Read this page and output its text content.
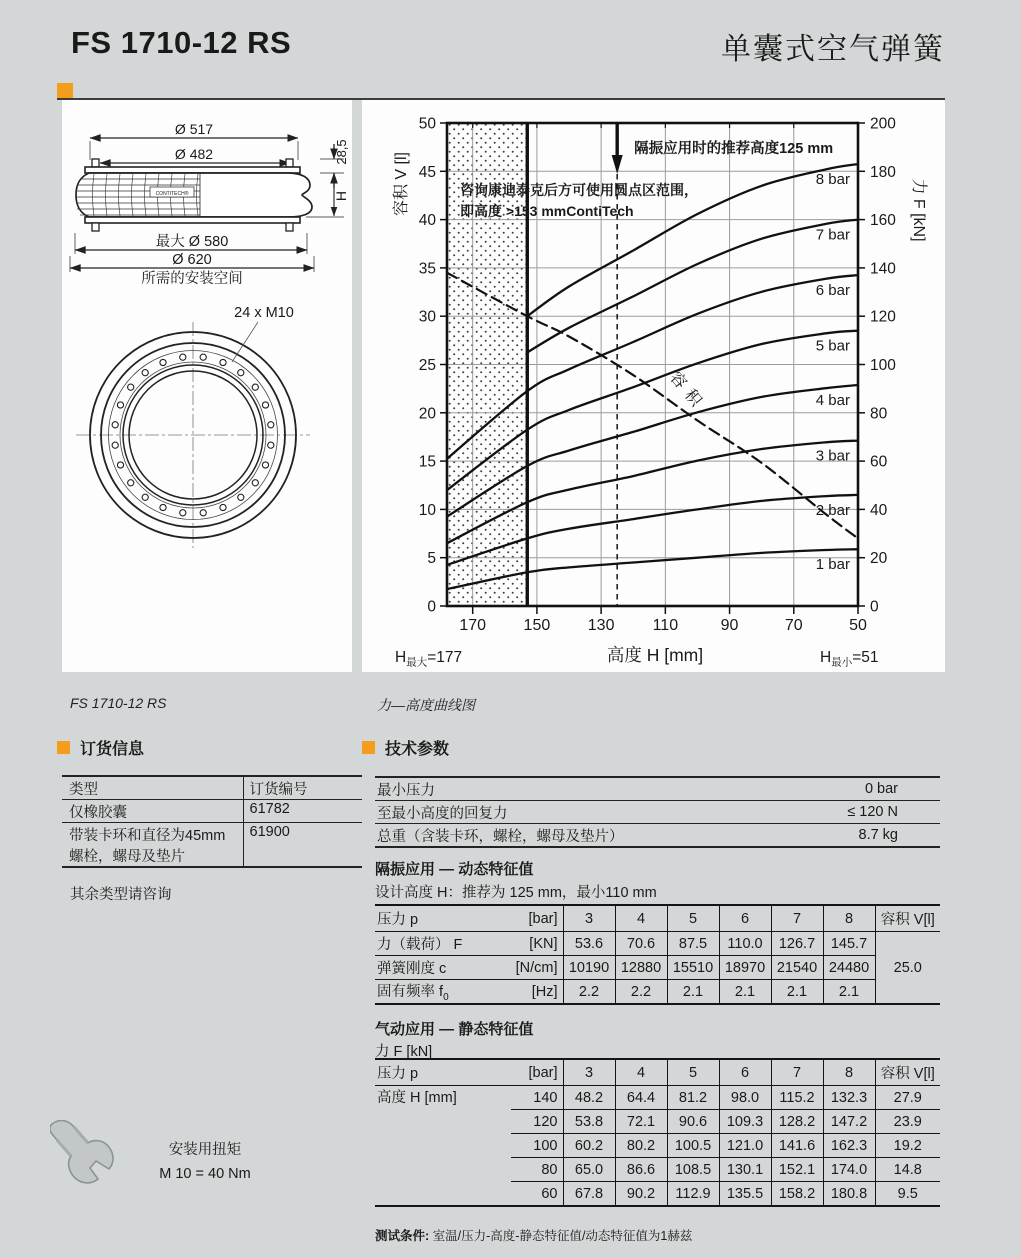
FS 1710-12 RS	单囊式空气弹簧
Ø 517
Ø 482	28,5
H
CONTITECH®
最大 Ø 580
Ø 620
所需的安装空间
24 x M10
170 150 130 110	90	70	50
0
5
10
15
20
25
30
35
40
45
50
0
20
40
60
80
100
120
140
160
180
200
容积 V [l]	力 F [kN]
高度 H [mm]
$H_{最大}=177$	$H_{最小}=51$
8 bar
7 bar
6 bar
5 bar
4 bar
3 bar
2 bar
1 bar
容积
隔振应用时的推荐高度125 mm
咨询康迪泰克后方可使用圆点区范围，
即高度 >153 mmContiTech
FS 1710-12 RS	力—高度曲线图
订货信息
类型	订货编号
仅橡胶囊	61782
带装卡环和直径为45mm螺栓，螺母及垫片	61900
其余类型请咨询
技术参数
最小压力	0 bar
至最小高度的回复力	≤ 120 N
总重（含装卡环，螺栓，螺母及垫片）	8.7 kg
隔振应用 — 动态特征值
设计高度 H：推荐为 125 mm，最小110 mm
压力 p	[bar]	3	4	5	6	7	8	容积 V[l]
力（载荷） F	[KN]	53.6	70.6	87.5	110.0	126.7	145.7	25.0
弹簧刚度 c	[N/cm]	10190	12880	15510	18970	21540	24480	
固有频率 $f_0$	[Hz]	2.2	2.2	2.1	2.1	2.1	2.1	
气动应用 — 静态特征值
力 F [kN]
压力 p	[bar]	3	4	5	6	7	8	容积 V[l]
高度 H [mm]	140	48.2	64.4	81.2	98.0	115.2	132.3	27.9
	120	53.8	72.1	90.6	109.3	128.2	147.2	23.9
	100	60.2	80.2	100.5	121.0	141.6	162.3	19.2
	80	65.0	86.6	108.5	130.1	152.1	174.0	14.8
	60	67.8	90.2	112.9	135.5	158.2	180.8	9.5
安装用扭矩
M 10 = 40 Nm
测试条件: 室温/压力-高度-静态特征值/动态特征值为1赫兹
